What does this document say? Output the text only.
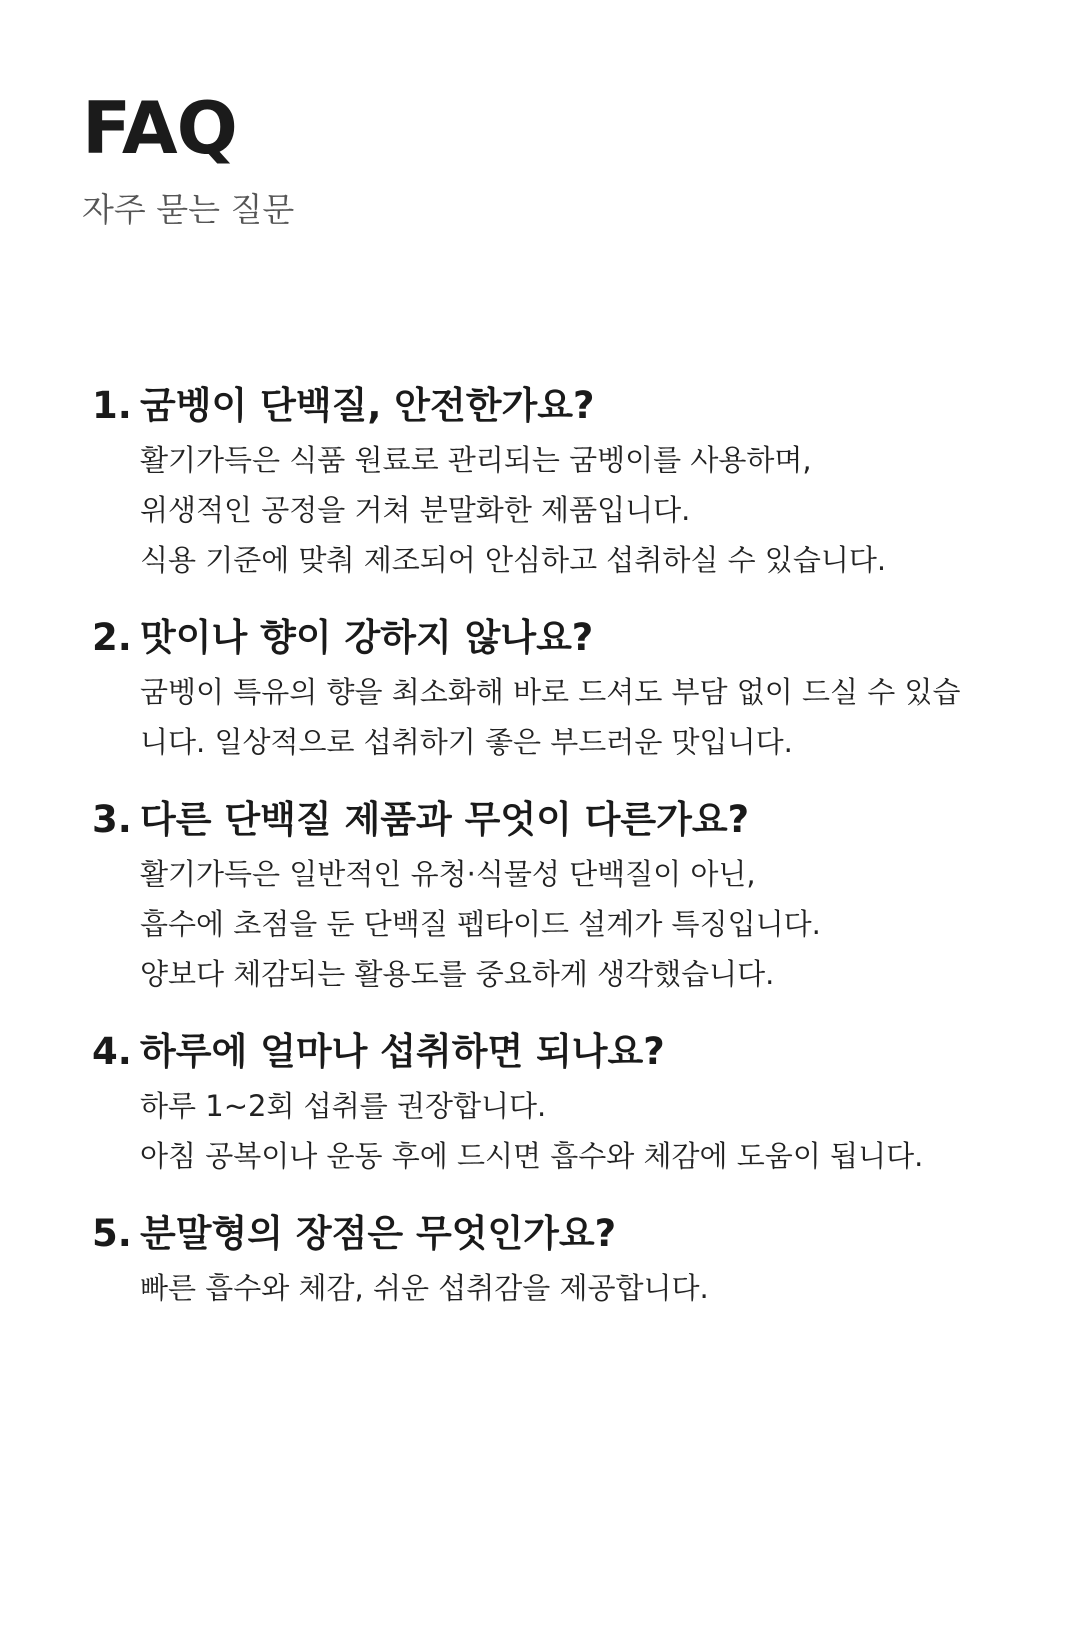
FAQ
자주 묻는 질문
1. 굼벵이 단백질, 안전한가요?
활기가득은 식품 원료로 관리되는 굼벵이를 사용하며,
위생적인 공정을 거쳐 분말화한 제품입니다.
식용 기준에 맞춰 제조되어 안심하고 섭취하실 수 있습니다.
2. 맛이나 향이 강하지 않나요?
굼벵이 특유의 향을 최소화해 바로 드셔도 부담 없이 드실 수 있습
니다. 일상적으로 섭취하기 좋은 부드러운 맛입니다.
3. 다른 단백질 제품과 무엇이 다른가요?
활기가득은 일반적인 유청·식물성 단백질이 아닌,
흡수에 초점을 둔 단백질 펩타이드 설계가 특징입니다.
양보다 체감되는 활용도를 중요하게 생각했습니다.
4. 하루에 얼마나 섭취하면 되나요?
하루 1~2회 섭취를 권장합니다.
아침 공복이나 운동 후에 드시면 흡수와 체감에 도움이 됩니다.
5. 분말형의 장점은 무엇인가요?
빠른 흡수와 체감, 쉬운 섭취감을 제공합니다.
